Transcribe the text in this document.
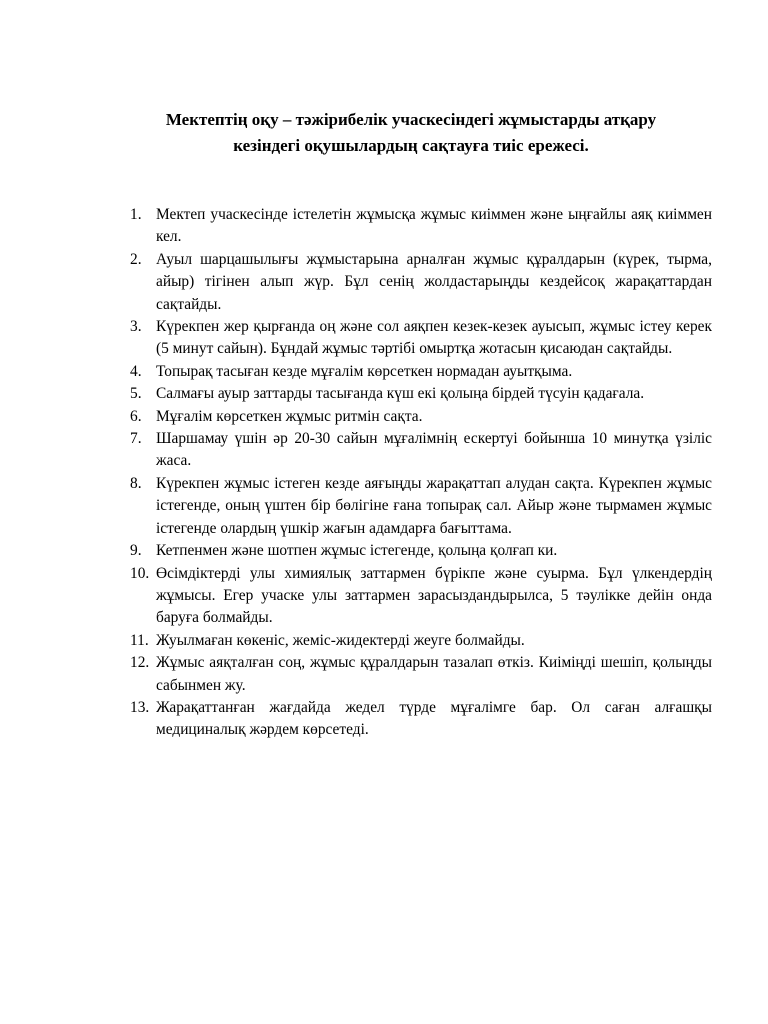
Мектептің оқу – тәжірибелік учаскесіндегі жұмыстарды атқару
кезіндегі оқушылардың сақтауға тиіс ережесі.
1. Мектеп учаскесінде істелетін жұмысқа жұмыс киіммен және ыңғайлы аяқ киіммен кел.
2. Ауыл шарцашылығы жұмыстарына арналған жұмыс құралдарын (күрек, тырма, айыр) тігінен алып жүр. Бұл сенің жолдастарыңды кездейсоқ жарақаттардан сақтайды.
3. Күрекпен жер қырғанда оң және сол аяқпен кезек-кезек ауысып, жұмыс істеу керек (5 минут сайын). Бұндай жұмыс тәртібі омыртқа жотасын қисаюдан сақтайды.
4. Топырақ тасыған кезде мұғалім көрсеткен нормадан ауытқыма.
5. Салмағы ауыр заттарды тасығанда күш екі қолыңа бірдей түсуін қадағала.
6. Мұғалім көрсеткен жұмыс ритмін сақта.
7. Шаршамау үшін әр 20-30 сайын мұғалімнің ескертуі бойынша 10 минутқа үзіліс жаса.
8. Күрекпен жұмыс істеген кезде аяғыңды жарақаттап алудан сақта. Күрекпен жұмыс істегенде, оның үштен бір бөлігіне ғана топырақ сал. Айыр және тырмамен жұмыс істегенде олардың үшкір жағын адамдарға бағыттама.
9. Кетпенмен және шотпен жұмыс істегенде, қолыңа қолғап ки.
10. Өсімдіктерді улы химиялық заттармен бүрікпе және суырма. Бұл үлкендердің жұмысы. Егер учаске улы заттармен зарасыздандырылса, 5 тәулікке дейін онда баруға болмайды.
11. Жуылмаған көкеніс, жеміс-жидектерді жеуге болмайды.
12. Жұмыс аяқталған соң, жұмыс құралдарын тазалап өткіз. Киіміңді шешіп, қолыңды сабынмен жу.
13. Жарақаттанған жағдайда жедел түрде мұғалімге бар. Ол саған алғашқы медициналық жәрдем көрсетеді.
